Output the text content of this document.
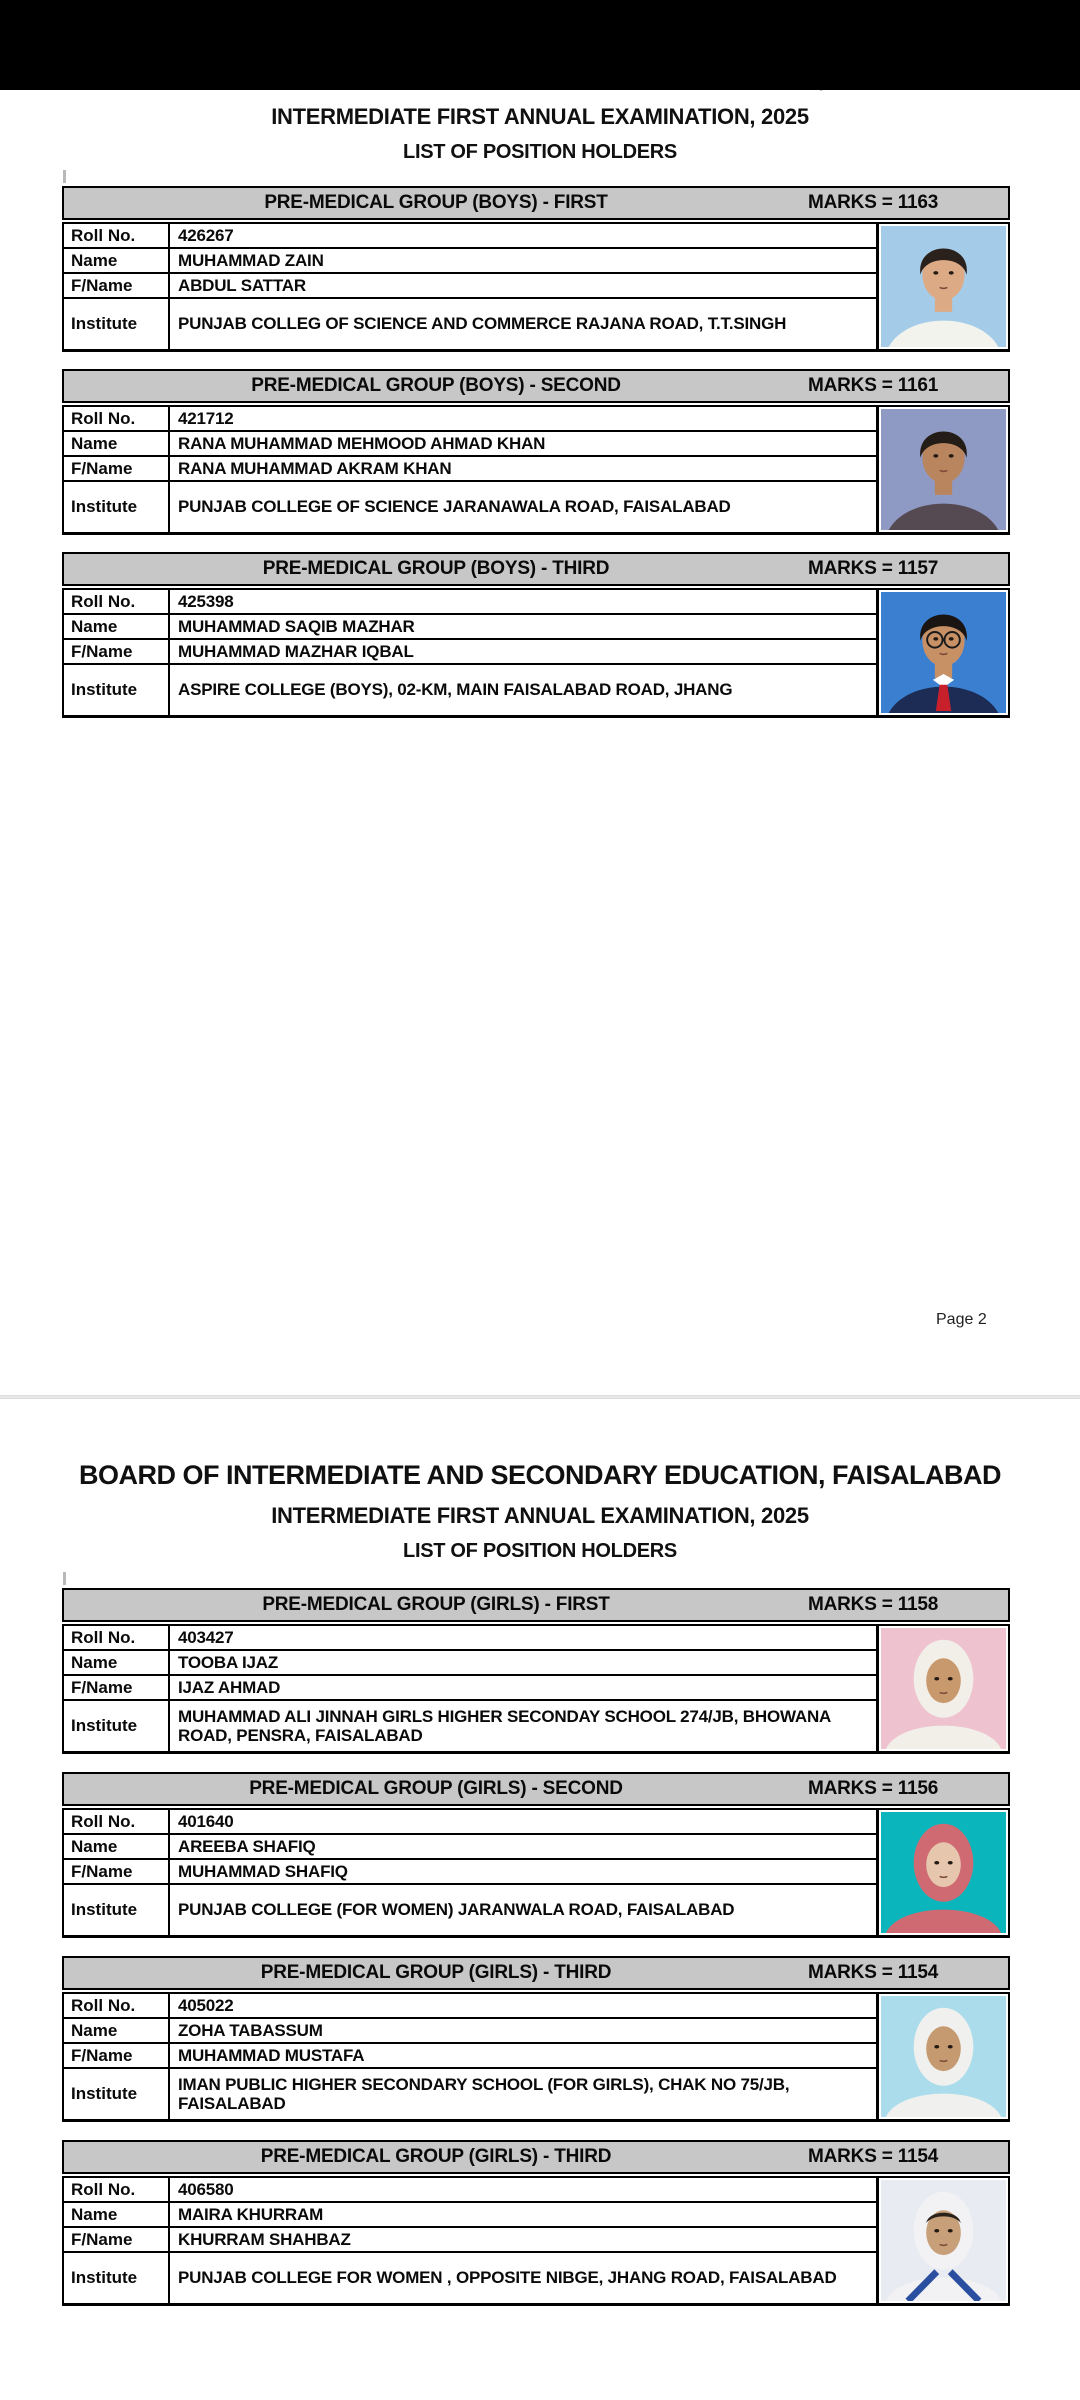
INTERMEDIATE FIRST ANNUAL EXAMINATION, 2025
LIST OF POSITION HOLDERS
PRE-MEDICAL GROUP (BOYS) - FIRST	MARKS = 1163
Roll No.	426267
Name	MUHAMMAD ZAIN
F/Name	ABDUL SATTAR
Institute	PUNJAB COLLEG OF SCIENCE AND COMMERCE RAJANA ROAD, T.T.SINGH
PRE-MEDICAL GROUP (BOYS) - SECOND	MARKS = 1161
Roll No.	421712
Name	RANA MUHAMMAD MEHMOOD AHMAD KHAN
F/Name	RANA MUHAMMAD AKRAM KHAN
Institute	PUNJAB COLLEGE OF SCIENCE JARANAWALA ROAD, FAISALABAD
PRE-MEDICAL GROUP (BOYS) - THIRD	MARKS = 1157
Roll No.	425398
Name	MUHAMMAD SAQIB MAZHAR
F/Name	MUHAMMAD MAZHAR IQBAL
Institute	ASPIRE COLLEGE (BOYS), 02-KM, MAIN FAISALABAD ROAD, JHANG
PRE-MEDICAL GROUP (GIRLS) - FIRST	MARKS = 1158
Roll No.	403427
Name	TOOBA IJAZ
F/Name	IJAZ AHMAD
Institute	MUHAMMAD ALI JINNAH GIRLS HIGHER SECONDAY SCHOOL 274/JB, BHOWANA ROAD, PENSRA, FAISALABAD
PRE-MEDICAL GROUP (GIRLS) - SECOND	MARKS = 1156
Roll No.	401640
Name	AREEBA SHAFIQ
F/Name	MUHAMMAD SHAFIQ
Institute	PUNJAB COLLEGE (FOR WOMEN) JARANWALA ROAD, FAISALABAD
PRE-MEDICAL GROUP (GIRLS) - THIRD	MARKS = 1154
Roll No.	405022
Name	ZOHA TABASSUM
F/Name	MUHAMMAD MUSTAFA
Institute	IMAN PUBLIC HIGHER SECONDARY SCHOOL (FOR GIRLS), CHAK NO 75/JB, FAISALABAD
PRE-MEDICAL GROUP (GIRLS) - THIRD	MARKS = 1154
Roll No.	406580
Name	MAIRA KHURRAM
F/Name	KHURRAM SHAHBAZ
Institute	PUNJAB COLLEGE FOR WOMEN , OPPOSITE NIBGE, JHANG ROAD, FAISALABAD
Page 2
BOARD OF INTERMEDIATE AND SECONDARY EDUCATION, FAISALABAD
INTERMEDIATE FIRST ANNUAL EXAMINATION, 2025
LIST OF POSITION HOLDERS
